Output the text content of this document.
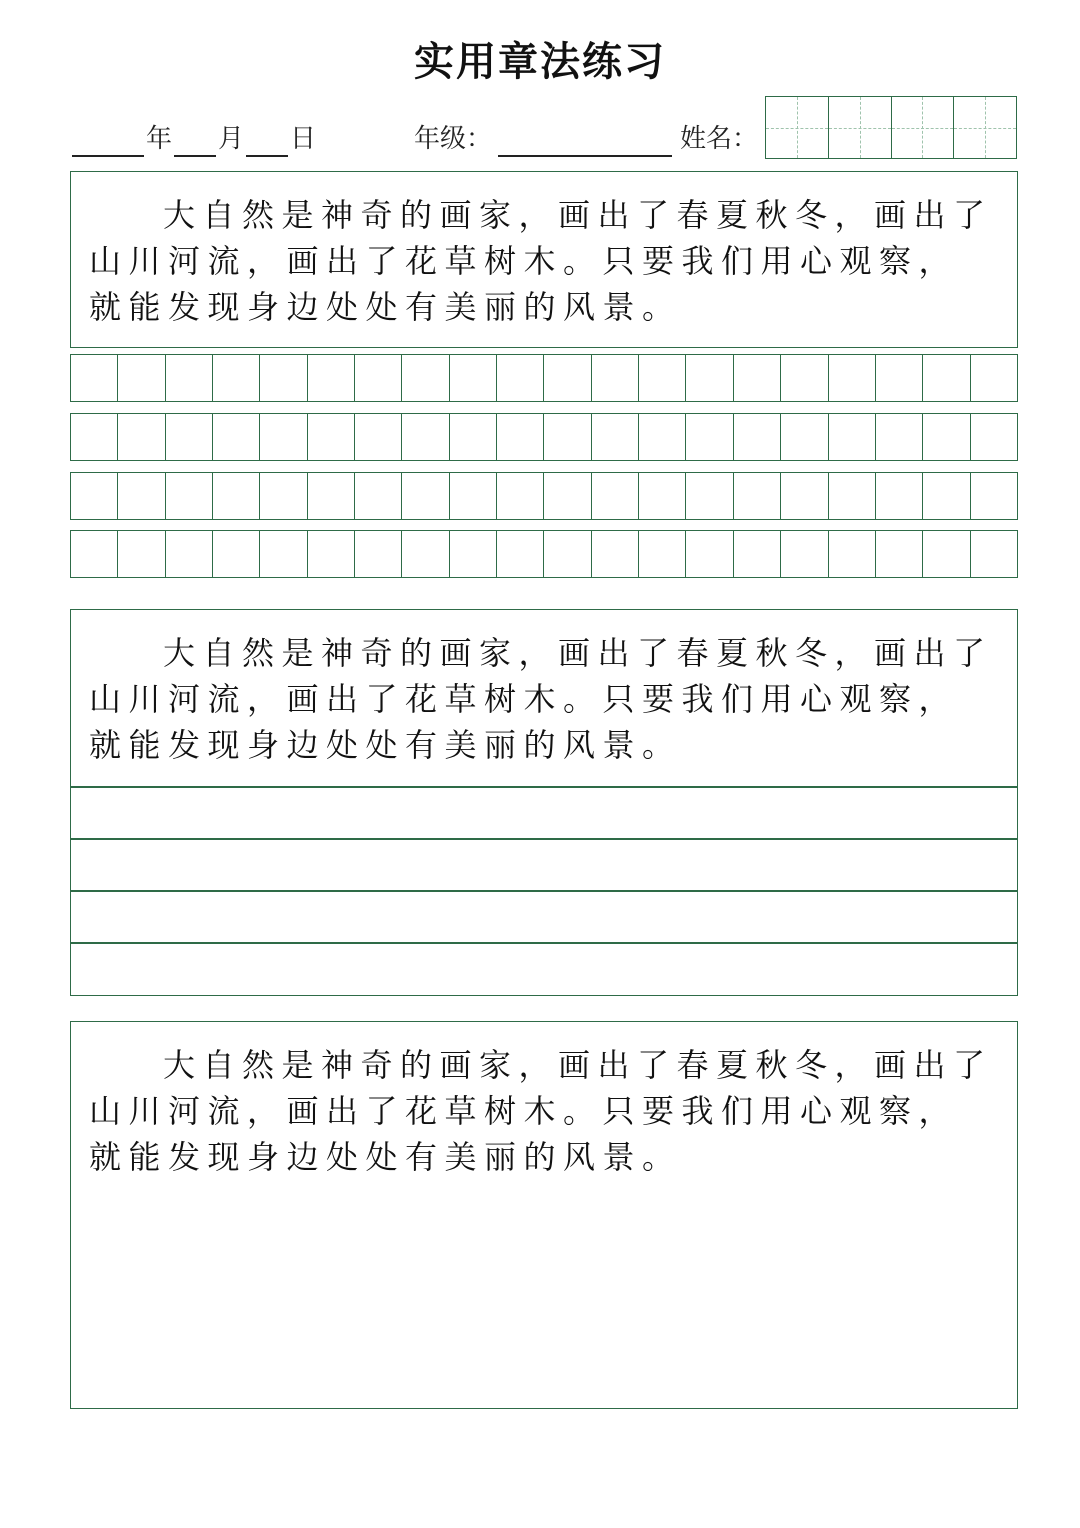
实用章法练习
年 月 日	年级：	姓名：
大自然是神奇的画家，画出了春夏秋冬，画出了山川河流，画出了花草树木。只要我们用心观察，就能发现身边处处有美丽的风景。
大自然是神奇的画家，画出了春夏秋冬，画出了山川河流，画出了花草树木。只要我们用心观察，就能发现身边处处有美丽的风景。
大自然是神奇的画家，画出了春夏秋冬，画出了山川河流，画出了花草树木。只要我们用心观察，就能发现身边处处有美丽的风景。
